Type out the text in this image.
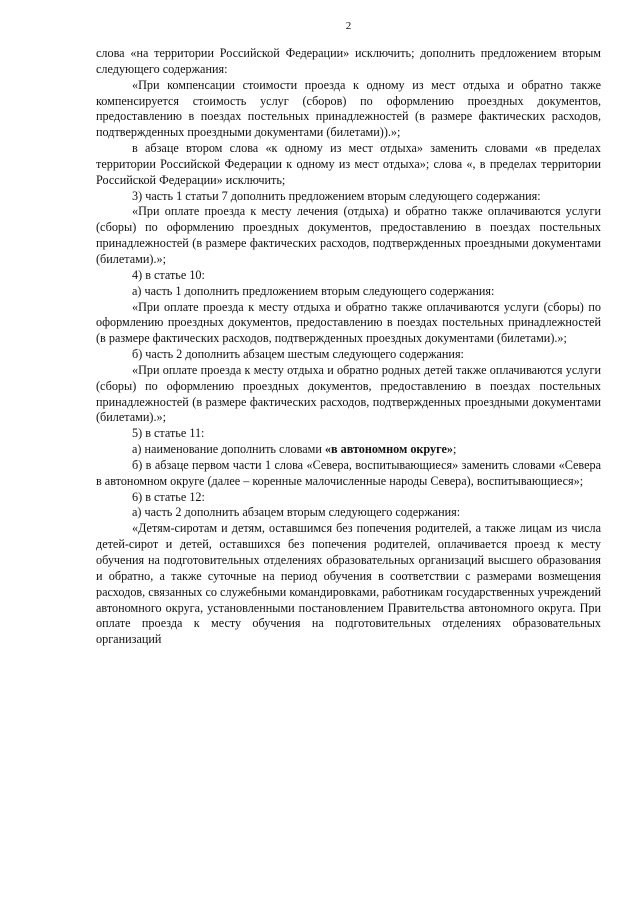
2

слова «на территории Российской Федерации» исключить; дополнить предложением вторым следующего содержания:

«При компенсации стоимости проезда к одному из мест отдыха и обратно также компенсируется стоимость услуг (сборов) по оформлению проездных документов, предоставлению в поездах постельных принадлежностей (в размере фактических расходов, подтвержденных проездными документами (билетами)).»;

в абзаце втором слова «к одному из мест отдыха» заменить словами «в пределах территории Российской Федерации к одному из мест отдыха»; слова «, в пределах территории Российской Федерации» исключить;

3) часть 1 статьи 7 дополнить предложением вторым следующего содержания:

«При оплате проезда к месту лечения (отдыха) и обратно также оплачиваются услуги (сборы) по оформлению проездных документов, предоставлению в поездах постельных принадлежностей (в размере фактических расходов, подтвержденных проездными документами (билетами).»;

4) в статье 10:

а) часть 1 дополнить предложением вторым следующего содержания:

«При оплате проезда к месту отдыха и обратно также оплачиваются услуги (сборы) по оформлению проездных документов, предоставлению в поездах постельных принадлежностей (в размере фактических расходов, подтвержденных проездных документами (билетами).»;

б) часть 2 дополнить абзацем шестым следующего содержания:

«При оплате проезда к месту отдыха и обратно родных детей также оплачиваются услуги (сборы) по оформлению проездных документов, предоставлению в поездах постельных принадлежностей (в размере фактических расходов, подтвержденных проездными документами (билетами).»;

5) в статье 11:

а) наименование дополнить словами «в автономном округе»;

б) в абзаце первом части 1 слова «Севера, воспитывающиеся» заменить словами «Севера в автономном округе (далее – коренные малочисленные народы Севера), воспитывающиеся»;

6) в статье 12:

а) часть 2 дополнить абзацем вторым следующего содержания:

«Детям-сиротам и детям, оставшимся без попечения родителей, а также лицам из числа детей-сирот и детей, оставшихся без попечения родителей, оплачивается проезд к месту обучения на подготовительных отделениях образовательных организаций высшего образования и обратно, а также суточные на период обучения в соответствии с размерами возмещения расходов, связанных со служебными командировками, работникам государственных учреждений автономного округа, установленными постановлением Правительства автономного округа. При оплате проезда к месту обучения на подготовительных отделениях образовательных организаций
